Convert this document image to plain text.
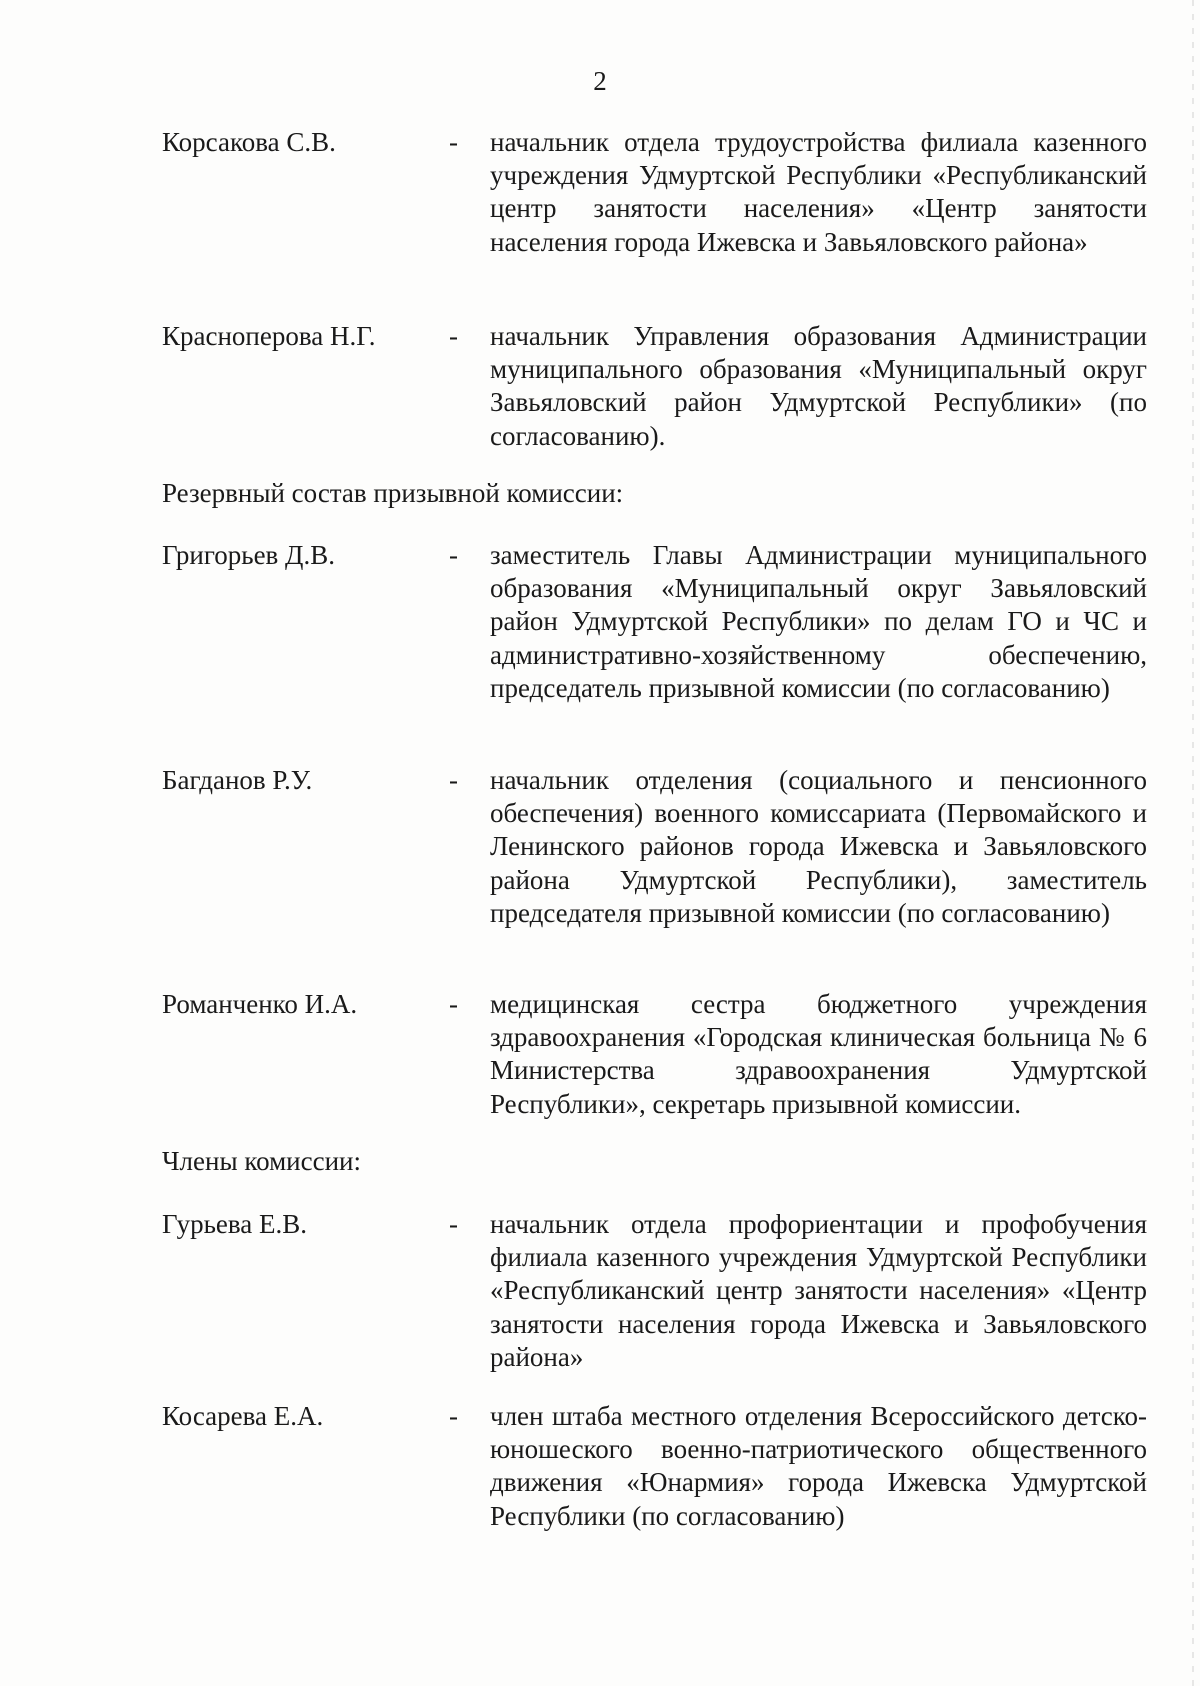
2
Корсакова С.В.	- начальник отдела трудоустройства филиала казенного учреждения Удмуртской Республики «Республиканский центр занятости населения» «Центр занятости населения города Ижевска и Завьяловского района»
Красноперова Н.Г.	- начальник Управления образования Администрации муниципального образования «Муниципальный округ Завьяловский район Удмуртской Республики» (по согласованию).
Резервный состав призывной комиссии:
Григорьев Д.В.	- заместитель Главы Администрации муниципального образования «Муниципальный округ Завьяловский район Удмуртской Республики» по делам ГО и ЧС и административно-хозяйственному обеспечению, председатель призывной комиссии (по согласованию)
Багданов Р.У.	- начальник отделения (социального и пенсионного обеспечения) военного комиссариата (Первомайского и Ленинского районов города Ижевска и Завьяловского района Удмуртской Республики), заместитель председателя призывной комиссии (по согласованию)
Романченко И.А.	- медицинская сестра бюджетного учреждения здравоохранения «Городская клиническая больница № 6 Министерства здравоохранения Удмуртской Республики», секретарь призывной комиссии.
Члены комиссии:
Гурьева Е.В.	- начальник отдела профориентации и профобучения филиала казенного учреждения Удмуртской Республики «Республиканский центр занятости населения» «Центр занятости населения города Ижевска и Завьяловского района»
Косарева Е.А.	- член штаба местного отделения Всероссийского детско-юношеского военно-патриотического общественного движения «Юнармия» города Ижевска Удмуртской Республики (по согласованию)
